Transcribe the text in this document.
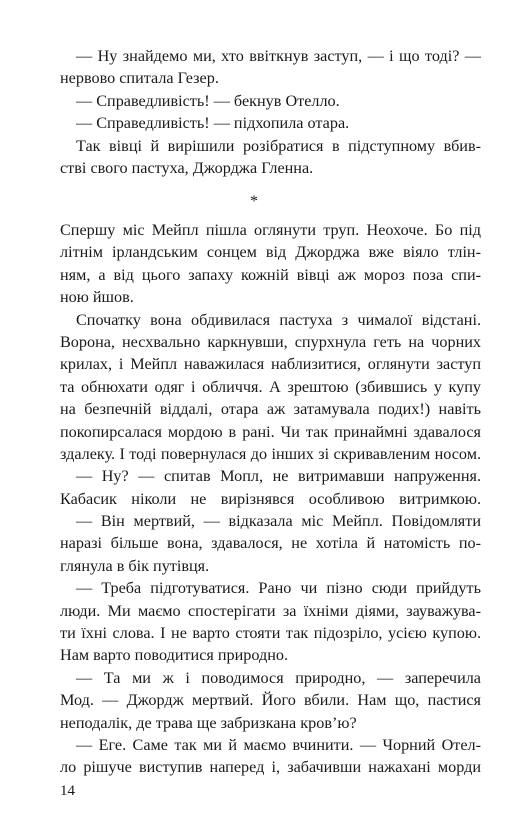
— Ну знайдемо ми, хто ввіткнув заступ, — і що тоді? —
нервово спитала Гезер.
— Справедливість! — бекнув Отелло.
— Справедливість! — підхопила отара.
Так вівці й вирішили розібратися в підступному вбив-
стві свого пастуха, Джорджа Гленна.
*
Спершу міс Мейпл пішла оглянути труп. Неохоче. Бо під
літнім ірландським сонцем від Джорджа вже віяло тлін-
ням, а від цього запаху кожній вівці аж мороз поза спи-
ною йшов.
Спочатку вона обдивилася пастуха з чималої відстані.
Ворона, несхвально каркнувши, спурхнула геть на чорних
крилах, і Мейпл наважилася наблизитися, оглянути заступ
та обнюхати одяг і обличчя. А зрештою (збившись у купу
на безпечній віддалі, отара аж затамувала подих!) навіть
покопирсалася мордою в рані. Чи так принаймні здавалося
здалеку. І тоді повернулася до інших зі скривавленим носом.
— Ну? — спитав Мопл, не витримавши напруження.
Кабасик ніколи не вирізнявся особливою витримкою.
— Він мертвий, — відказала міс Мейпл. Повідомляти
наразі більше вона, здавалося, не хотіла й натомість по-
глянула в бік путівця.
— Треба підготуватися. Рано чи пізно сюди прийдуть
люди. Ми маємо спостерігати за їхніми діями, зауважува-
ти їхні слова. І не варто стояти так підозріло, усією купою.
Нам варто поводитися природно.
— Та ми ж і поводимося природно, — заперечила
Мод. — Джордж мертвий. Його вбили. Нам що, пастися
неподалік, де трава ще забризкана кров’ю?
— Еге. Саме так ми й маємо вчинити. — Чорний Отел-
ло рішуче виступив наперед і, забачивши нажахані морди
14
